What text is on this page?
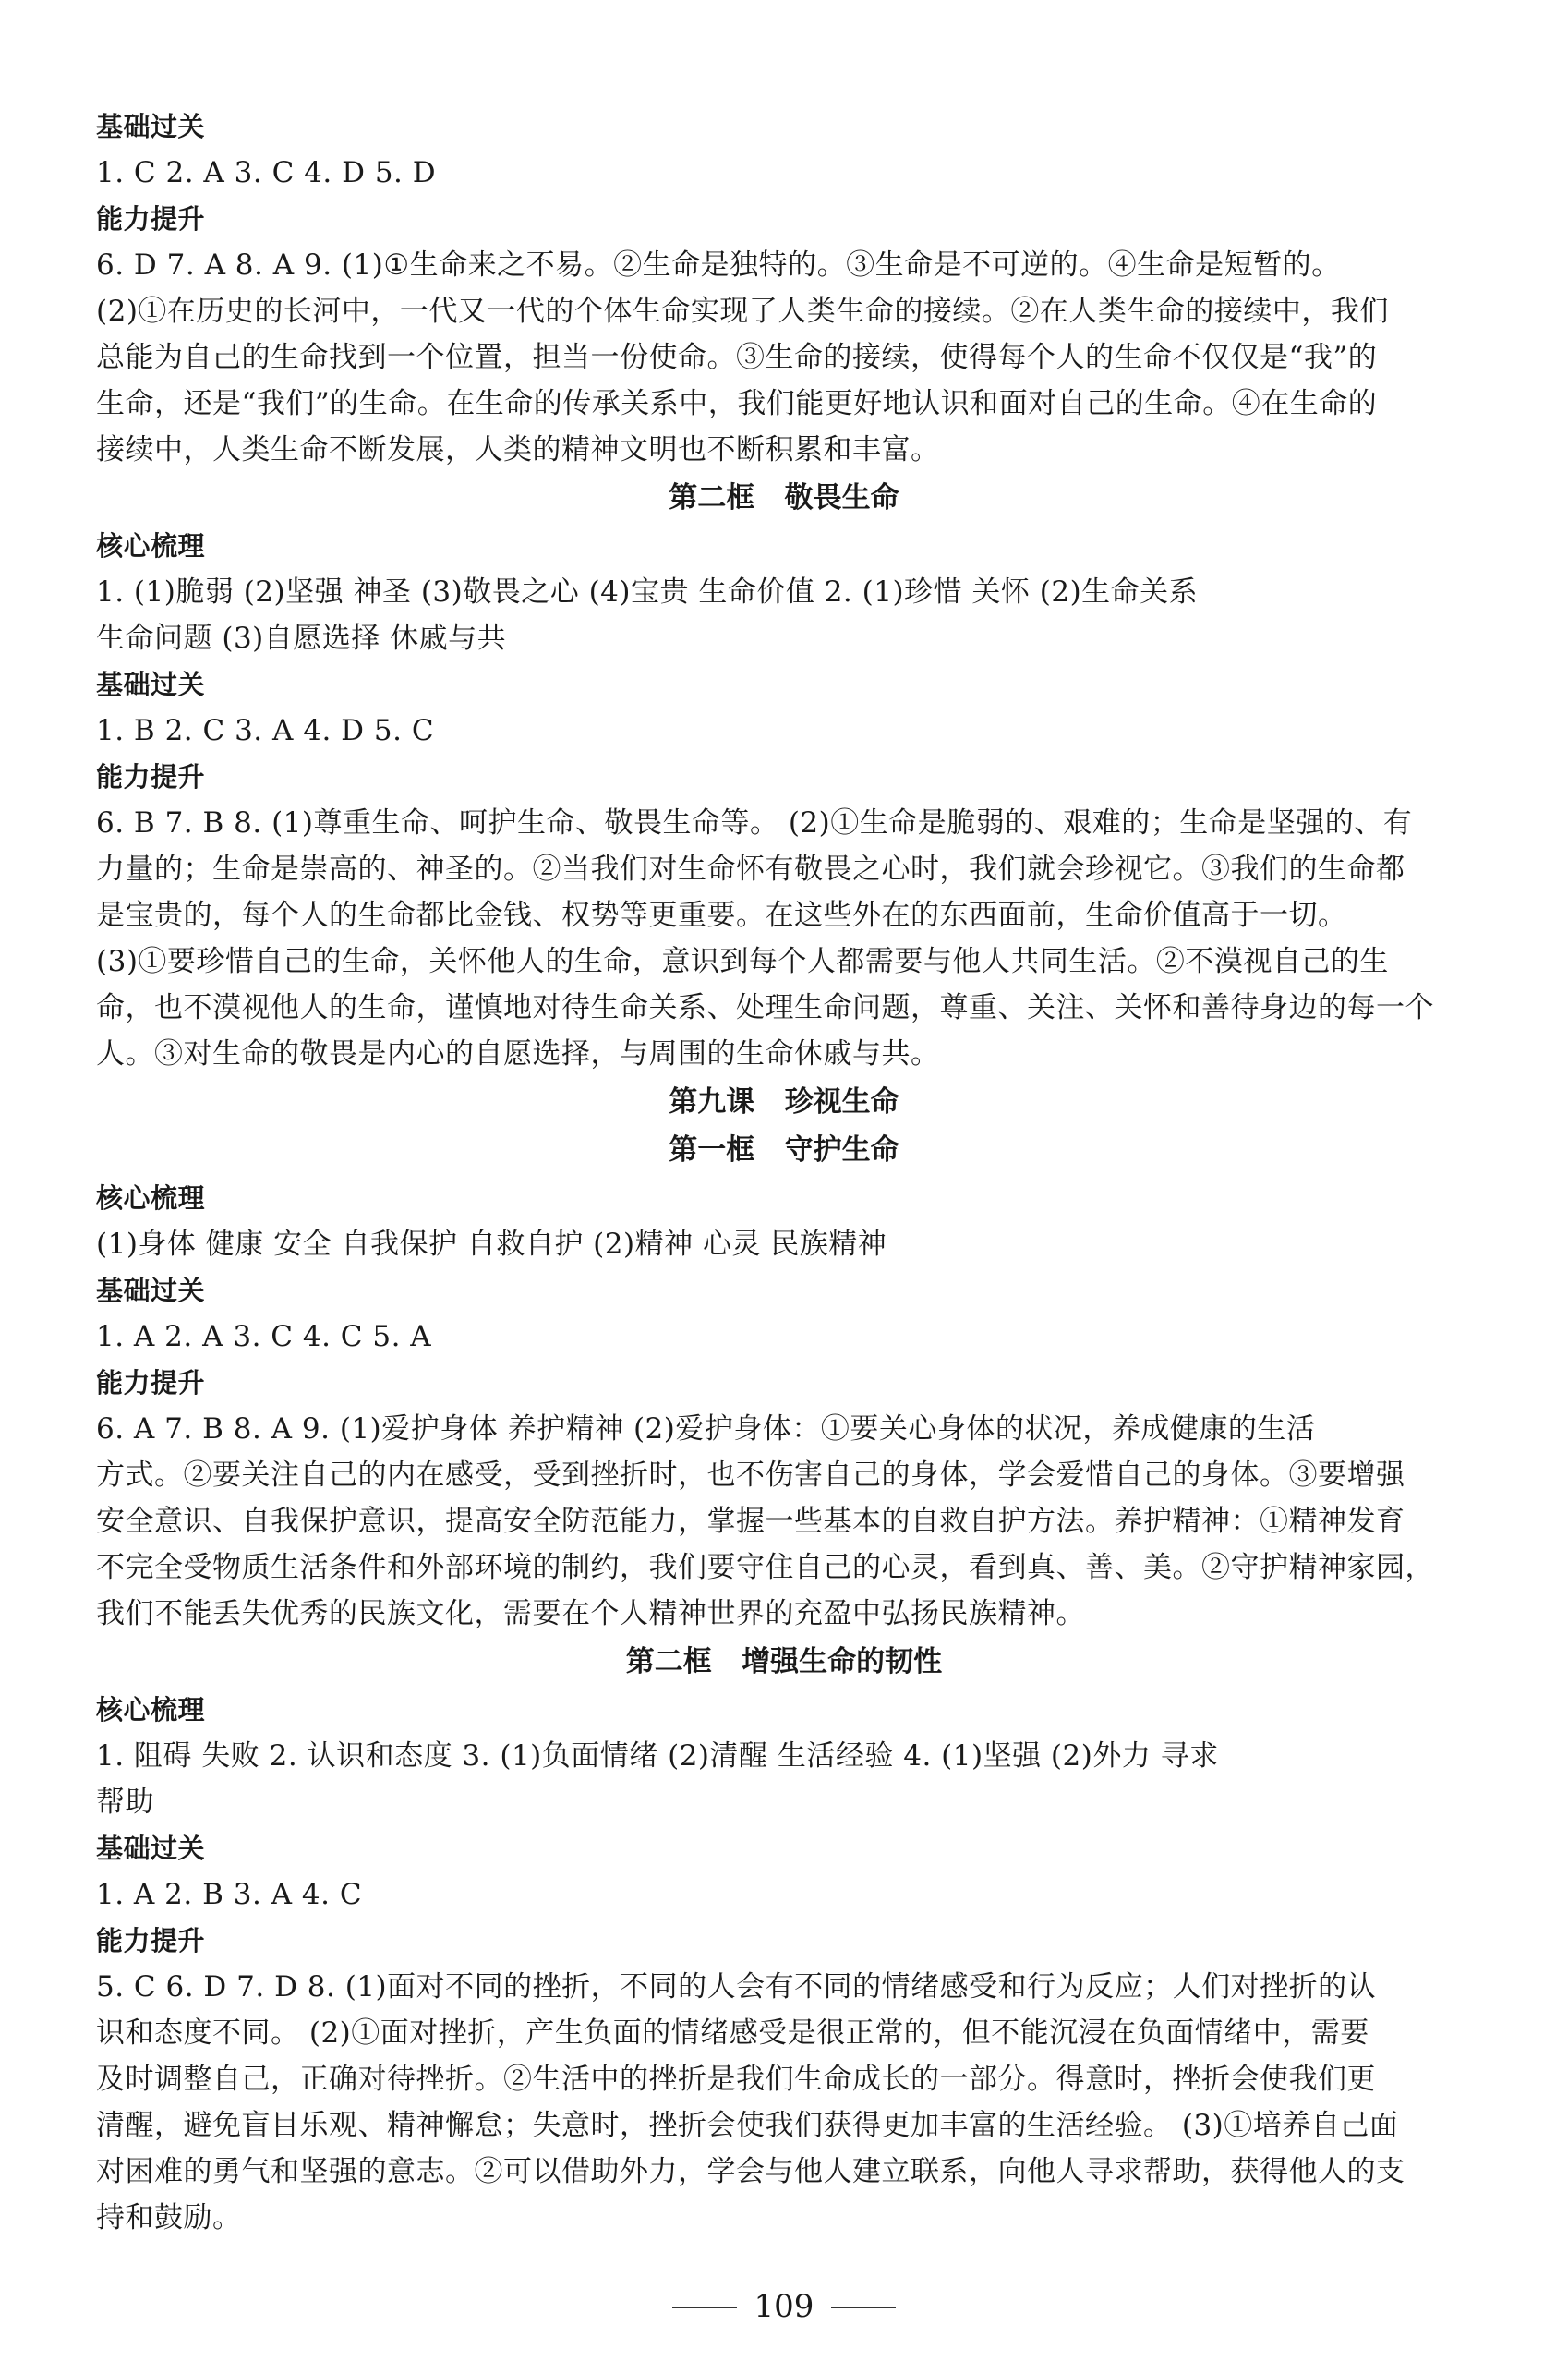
基础过关
1. C 2. A 3. C 4. D 5. D
能力提升
6. D 7. A 8. A 9. (1)①生命来之不易。②生命是独特的。③生命是不可逆的。④生命是短暂的。
(2)①在历史的长河中，一代又一代的个体生命实现了人类生命的接续。②在人类生命的接续中，我们
总能为自己的生命找到一个位置，担当一份使命。③生命的接续，使得每个人的生命不仅仅是“我”的
生命，还是“我们”的生命。在生命的传承关系中，我们能更好地认识和面对自己的生命。④在生命的
接续中，人类生命不断发展，人类的精神文明也不断积累和丰富。
第二框   敬畏生命
核心梳理
1. (1)脆弱 (2)坚强 神圣 (3)敬畏之心 (4)宝贵 生命价值 2. (1)珍惜 关怀 (2)生命关系
生命问题 (3)自愿选择 休戚与共
基础过关
1. B 2. C 3. A 4. D 5. C
能力提升
6. B 7. B 8. (1)尊重生命、呵护生命、敬畏生命等。 (2)①生命是脆弱的、艰难的；生命是坚强的、有
力量的；生命是崇高的、神圣的。②当我们对生命怀有敬畏之心时，我们就会珍视它。③我们的生命都
是宝贵的，每个人的生命都比金钱、权势等更重要。在这些外在的东西面前，生命价值高于一切。
(3)①要珍惜自己的生命，关怀他人的生命，意识到每个人都需要与他人共同生活。②不漠视自己的生
命，也不漠视他人的生命，谨慎地对待生命关系、处理生命问题，尊重、关注、关怀和善待身边的每一个
人。③对生命的敬畏是内心的自愿选择，与周围的生命休戚与共。
第九课   珍视生命
第一框   守护生命
核心梳理
(1)身体 健康 安全 自我保护 自救自护 (2)精神 心灵 民族精神
基础过关
1. A 2. A 3. C 4. C 5. A
能力提升
6. A 7. B 8. A 9. (1)爱护身体 养护精神 (2)爱护身体：①要关心身体的状况，养成健康的生活
方式。②要关注自己的内在感受，受到挫折时，也不伤害自己的身体，学会爱惜自己的身体。③要增强
安全意识、自我保护意识，提高安全防范能力，掌握一些基本的自救自护方法。养护精神：①精神发育
不完全受物质生活条件和外部环境的制约，我们要守住自己的心灵，看到真、善、美。②守护精神家园，
我们不能丢失优秀的民族文化，需要在个人精神世界的充盈中弘扬民族精神。
第二框   增强生命的韧性
核心梳理
1. 阻碍 失败 2. 认识和态度 3. (1)负面情绪 (2)清醒 生活经验 4. (1)坚强 (2)外力 寻求
帮助
基础过关
1. A 2. B 3. A 4. C
能力提升
5. C 6. D 7. D 8. (1)面对不同的挫折，不同的人会有不同的情绪感受和行为反应；人们对挫折的认
识和态度不同。 (2)①面对挫折，产生负面的情绪感受是很正常的，但不能沉浸在负面情绪中，需要
及时调整自己，正确对待挫折。②生活中的挫折是我们生命成长的一部分。得意时，挫折会使我们更
清醒，避免盲目乐观、精神懈怠；失意时，挫折会使我们获得更加丰富的生活经验。 (3)①培养自己面
对困难的勇气和坚强的意志。②可以借助外力，学会与他人建立联系，向他人寻求帮助，获得他人的支
持和鼓励。
109
